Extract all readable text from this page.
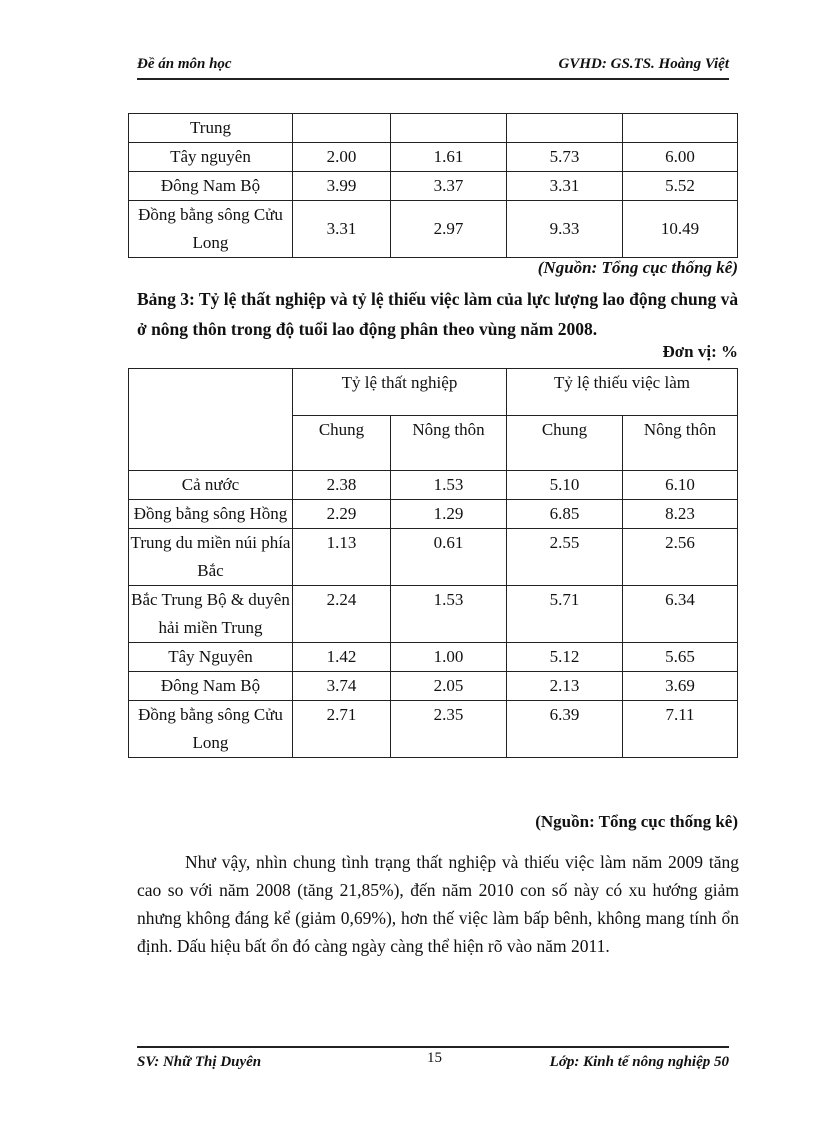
Đề án môn học	GVHD: GS.TS. Hoàng Việt
Trung				
Tây nguyên	2.00	1.61	5.73	6.00
Đông Nam Bộ	3.99	3.37	3.31	5.52
Đồng bằng sông Cửu Long	3.31	2.97	9.33	10.49
(Nguồn: Tổng cục thống kê)
Bảng 3: Tỷ lệ thất nghiệp và tỷ lệ thiếu việc làm của lực lượng lao động chung và ở nông thôn trong độ tuổi lao động phân theo vùng năm 2008.
Đơn vị: %
	Tỷ lệ thất nghiệp		Tỷ lệ thiếu việc làm	
	Chung	Nông thôn	Chung	Nông thôn
Cả nước	2.38	1.53	5.10	6.10
Đồng bằng sông Hồng	2.29	1.29	6.85	8.23
Trung du miền núi phía Bắc	1.13	0.61	2.55	2.56
Bắc Trung Bộ & duyên hải miền Trung	2.24	1.53	5.71	6.34
Tây Nguyên	1.42	1.00	5.12	5.65
Đông Nam Bộ	3.74	2.05	2.13	3.69
Đồng bằng sông Cửu Long	2.71	2.35	6.39	7.11
(Nguồn: Tổng cục thống kê)

Như vậy, nhìn chung tình trạng thất nghiệp và thiếu việc làm năm 2009 tăng cao so với năm 2008 (tăng 21,85%), đến năm 2010 con số này có xu hướng giảm nhưng không đáng kể (giảm 0,69%), hơn thế việc làm bấp bênh, không mang tính ổn định. Dấu hiệu bất ổn đó càng ngày càng thể hiện rõ vào năm 2011.

SV: Nhữ Thị Duyên	15	Lớp: Kinh tế nông nghiệp 50
